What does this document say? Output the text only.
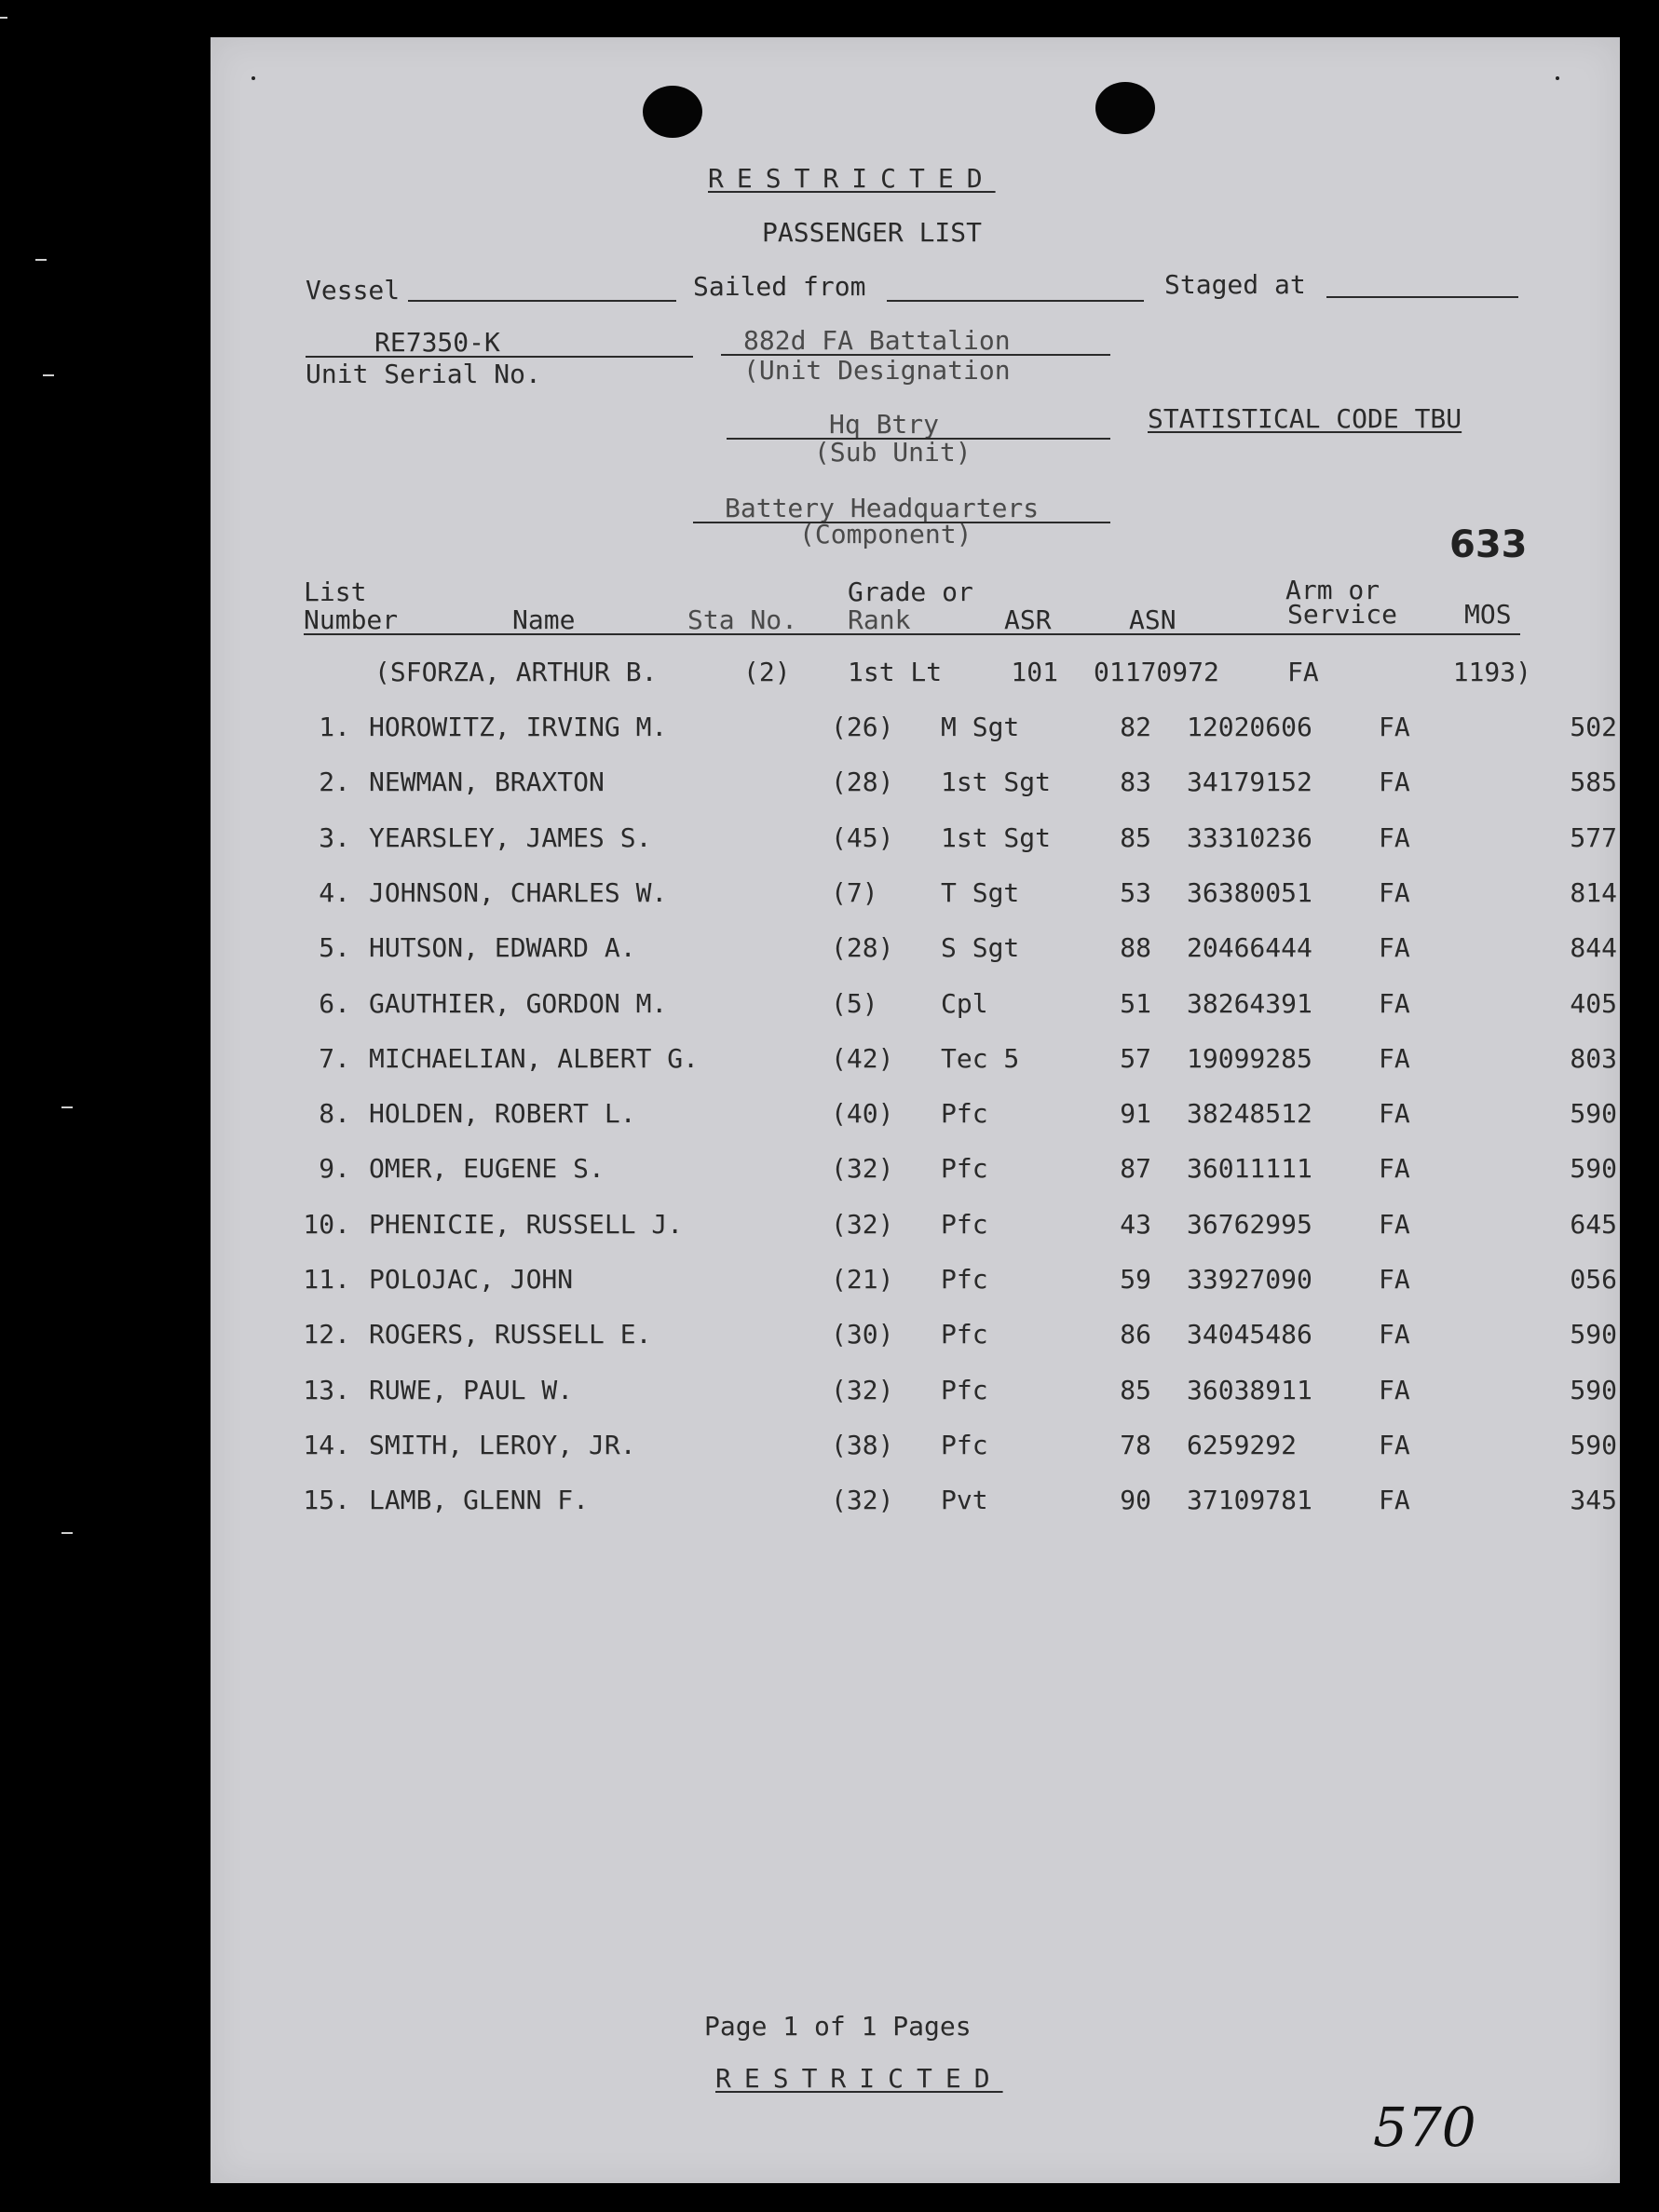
RESTRICTED
PASSENGER LIST
Vessel	Sailed from	Staged at
RE7350-K
Unit Serial No.
882d FA Battalion
(Unit Designation
Hq Btry
(Sub Unit)
STATISTICAL CODE TBU
Battery Headquarters
(Component)	633
List
Number	Name	Sta No.
Grade or
Rank	ASR	ASN
Arm or
Service	MOS
(SFORZA, ARTHUR B.	(2) 1st Lt	101 01170972	FA	1193)
1. HOROWITZ, IRVING M.	(26) M Sgt	82 12020606	FA	502
2. NEWMAN, BRAXTON	(28) 1st Sgt	83 34179152	FA	585
3. YEARSLEY, JAMES S.	(45) 1st Sgt	85 33310236	FA	577
4. JOHNSON, CHARLES W.	(7) T Sgt	53 36380051	FA	814
5. HUTSON, EDWARD A.	(28) S Sgt	88 20466444	FA	844
6. GAUTHIER, GORDON M.	(5) Cpl	51 38264391	FA	405
7. MICHAELIAN, ALBERT G.	(42) Tec 5	57 19099285	FA	803
8. HOLDEN, ROBERT L.	(40) Pfc	91 38248512	FA	590
9. OMER, EUGENE S.	(32) Pfc	87 36011111	FA	590
10. PHENICIE, RUSSELL J.	(32) Pfc	43 36762995	FA	645
11. POLOJAC, JOHN	(21) Pfc	59 33927090	FA	056
12. ROGERS, RUSSELL E.	(30) Pfc	86 34045486	FA	590
13. RUWE, PAUL W.	(32) Pfc	85 36038911	FA	590
14. SMITH, LEROY, JR.	(38) Pfc	78 6259292	FA	590
15. LAMB, GLENN F.	(32) Pvt	90 37109781	FA	345
Page 1 of 1 Pages
RESTRICTED
570
